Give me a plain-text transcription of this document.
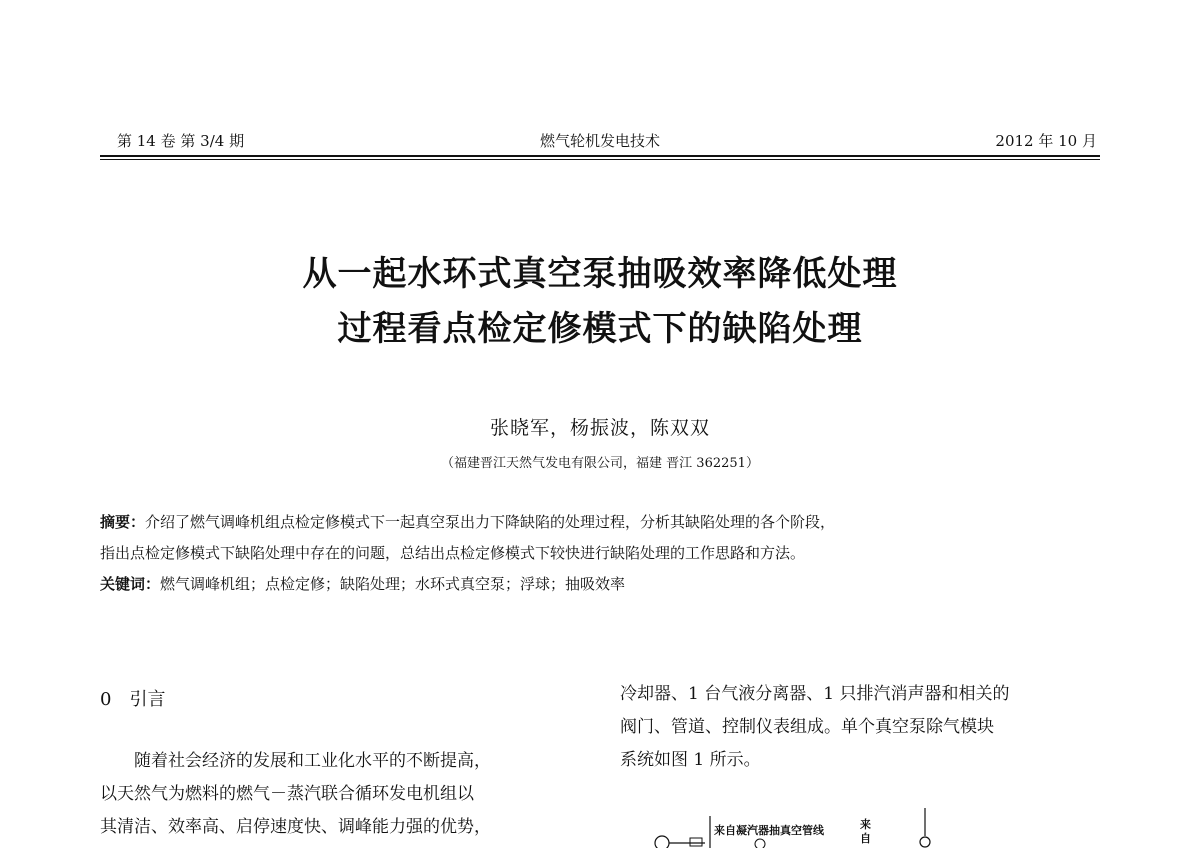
第 14 卷 第 3/4 期	燃气轮机发电技术	2012 年 10 月
从一起水环式真空泵抽吸效率降低处理
过程看点检定修模式下的缺陷处理
张晓军，杨振波，陈双双
（福建晋江天然气发电有限公司，福建 晋江 362251）
摘要：介绍了燃气调峰机组点检定修模式下一起真空泵出力下降缺陷的处理过程，分析其缺陷处理的各个阶段，
指出点检定修模式下缺陷处理中存在的问题，总结出点检定修模式下较快进行缺陷处理的工作思路和方法。
关键词：燃气调峰机组；点检定修；缺陷处理；水环式真空泵；浮球；抽吸效率
0 引言
随着社会经济的发展和工业化水平的不断提高，
以天然气为燃料的燃气－蒸汽联合循环发电机组以
其清洁、效率高、启停速度快、调峰能力强的优势，
冷却器、1 台气液分离器、1 只排汽消声器和相关的
阀门、管道、控制仪表组成。单个真空泵除气模块
系统如图 1 所示。
来自凝汽器抽真空管线	来自
